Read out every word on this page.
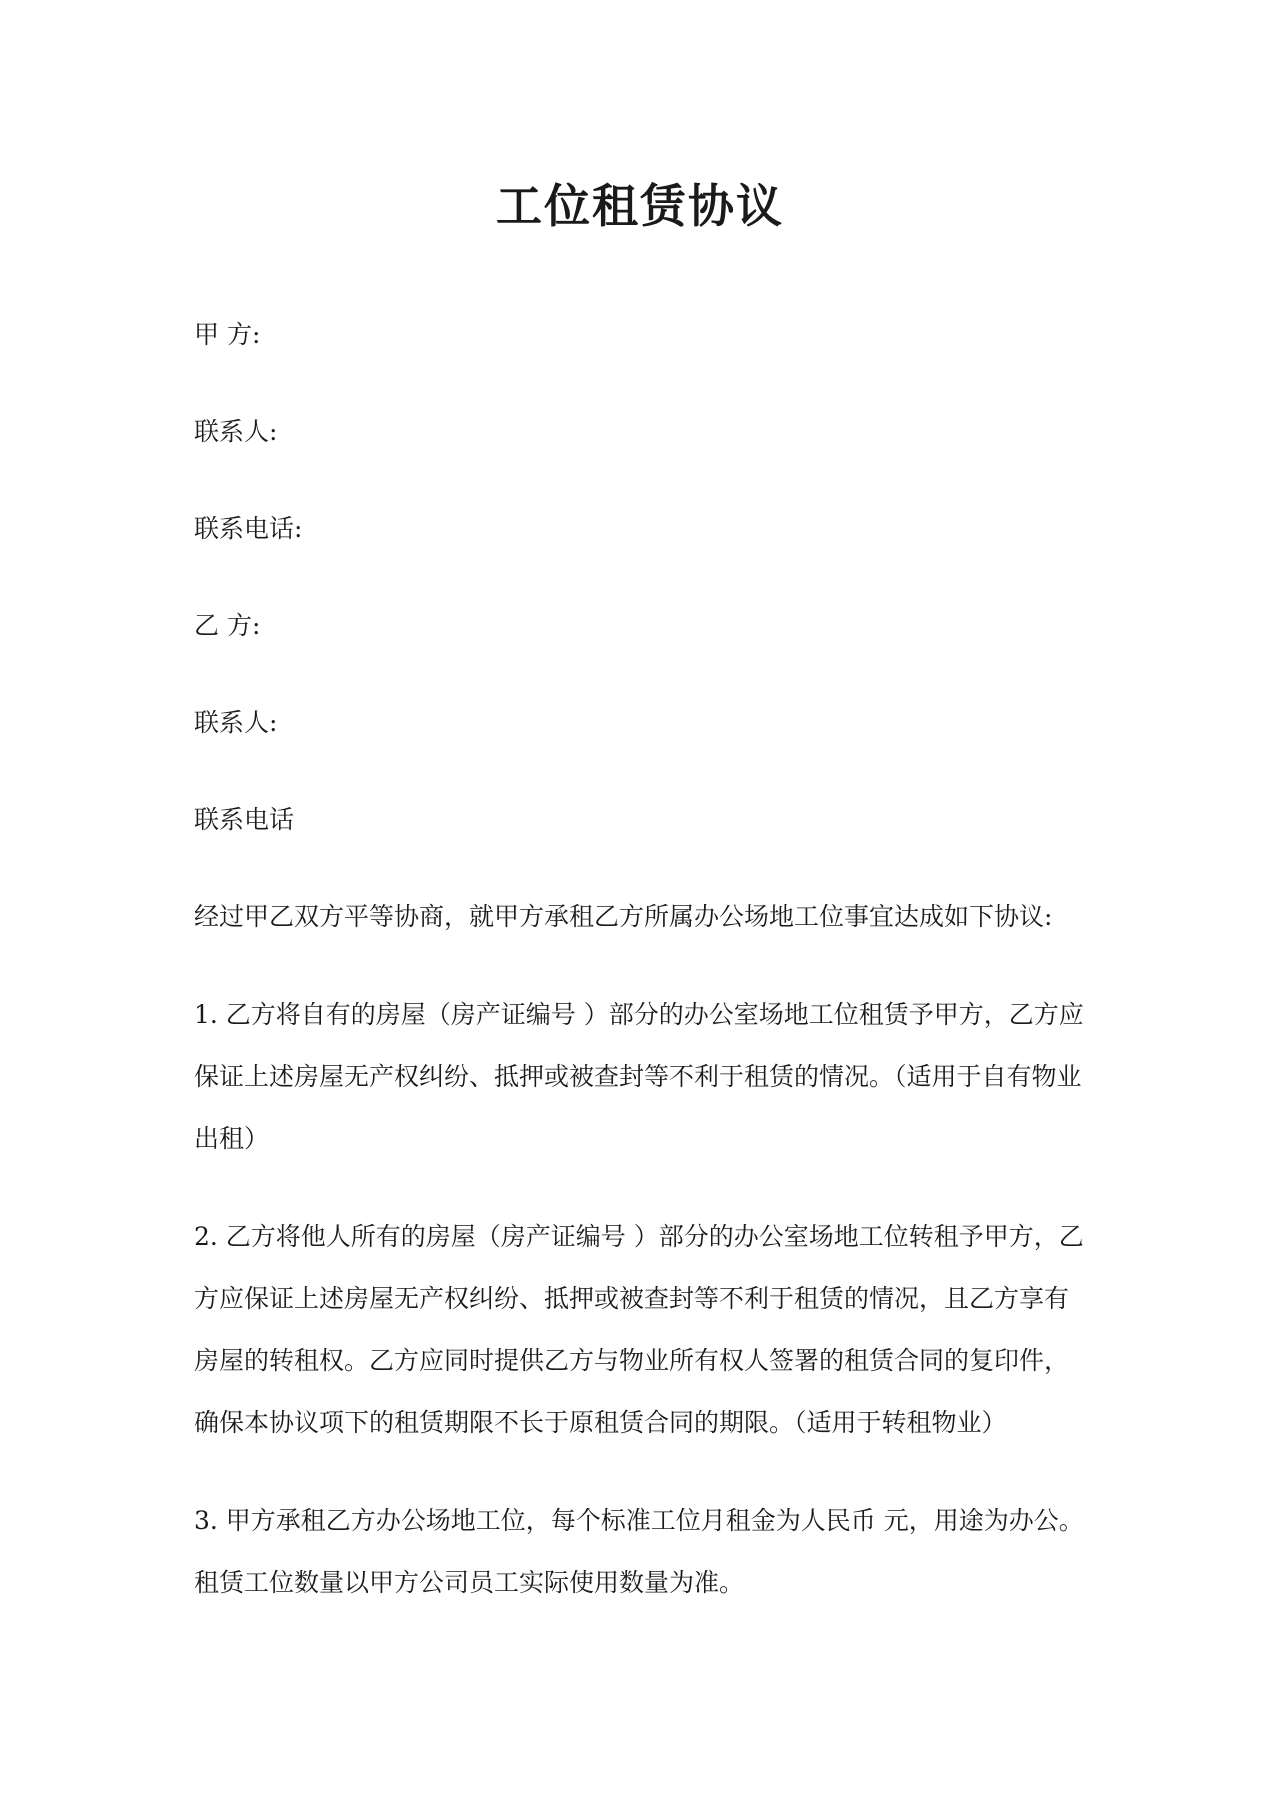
工位租赁协议
甲 方:
联系人:
联系电话:
乙 方:
联系人:
联系电话

经过甲乙双方平等协商，就甲方承租乙方所属办公场地工位事宜达成如下协议:

1. 乙方将自有的房屋（房产证编号 ）部分的办公室场地工位租赁予甲方，乙方应保证上述房屋无产权纠纷、抵押或被查封等不利于租赁的情况。（适用于自有物业出租）

2. 乙方将他人所有的房屋（房产证编号 ）部分的办公室场地工位转租予甲方，乙方应保证上述房屋无产权纠纷、抵押或被查封等不利于租赁的情况，且乙方享有房屋的转租权。乙方应同时提供乙方与物业所有权人签署的租赁合同的复印件，确保本协议项下的租赁期限不长于原租赁合同的期限。（适用于转租物业）

3. 甲方承租乙方办公场地工位，每个标准工位月租金为人民币 元，用途为办公。租赁工位数量以甲方公司员工实际使用数量为准。
